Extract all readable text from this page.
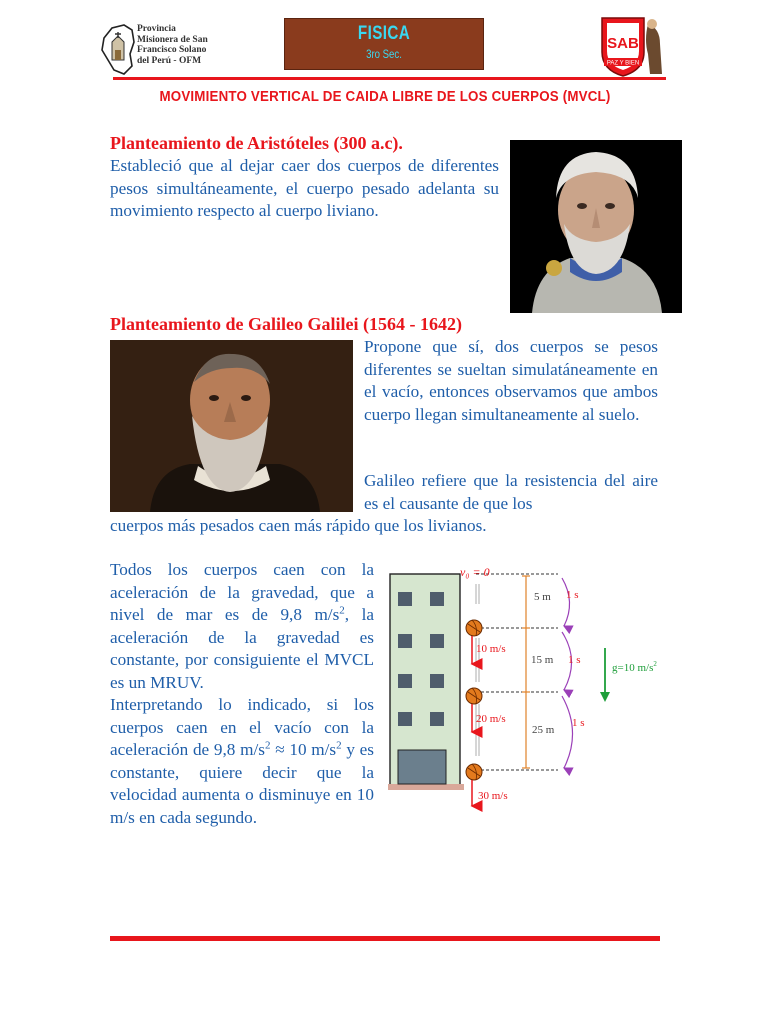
Provincia
Misionera de San
Francisco Solano
del Perú - OFM
FISICA
3ro Sec.
SAB
PAZ Y BIEN
MOVIMIENTO VERTICAL DE CAIDA LIBRE DE LOS CUERPOS (MVCL)
Planteamiento de Aristóteles (300 a.c).
Estableció que al dejar caer dos cuerpos de diferentes pesos simultáneamente, el cuerpo pesado adelanta su movimiento respecto al cuerpo liviano.
Planteamiento de Galileo Galilei (1564 - 1642)
Propone que sí, dos cuerpos se pesos diferentes se sueltan simulatáneamente en el vacío, entonces observamos que ambos cuerpo llegan simultaneamente al suelo.
Galileo refiere que la resistencia del aire es el causante de que los
cuerpos más pesados caen más rápido que los livianos.
Todos los cuerpos caen con la aceleración de la gravedad, que a nivel de mar es de 9,8 $m/s^2$, la aceleración de la gravedad es constante, por consiguiente el MVCL es un MRUV.
Interpretando lo indicado, si los cuerpos caen en el vacío con la aceleración de 9,8 $m/s^2 \approx 10$ $m/s^2$ y es constante, quiere decir que la velocidad aumenta o disminuye en 10 m/s en cada segundo.
v₀ = 0
10 m/s
20 m/s
30 m/s
5 m
15 m
25 m
1 s
1 s
1 s
g=10 $m/s^2$
